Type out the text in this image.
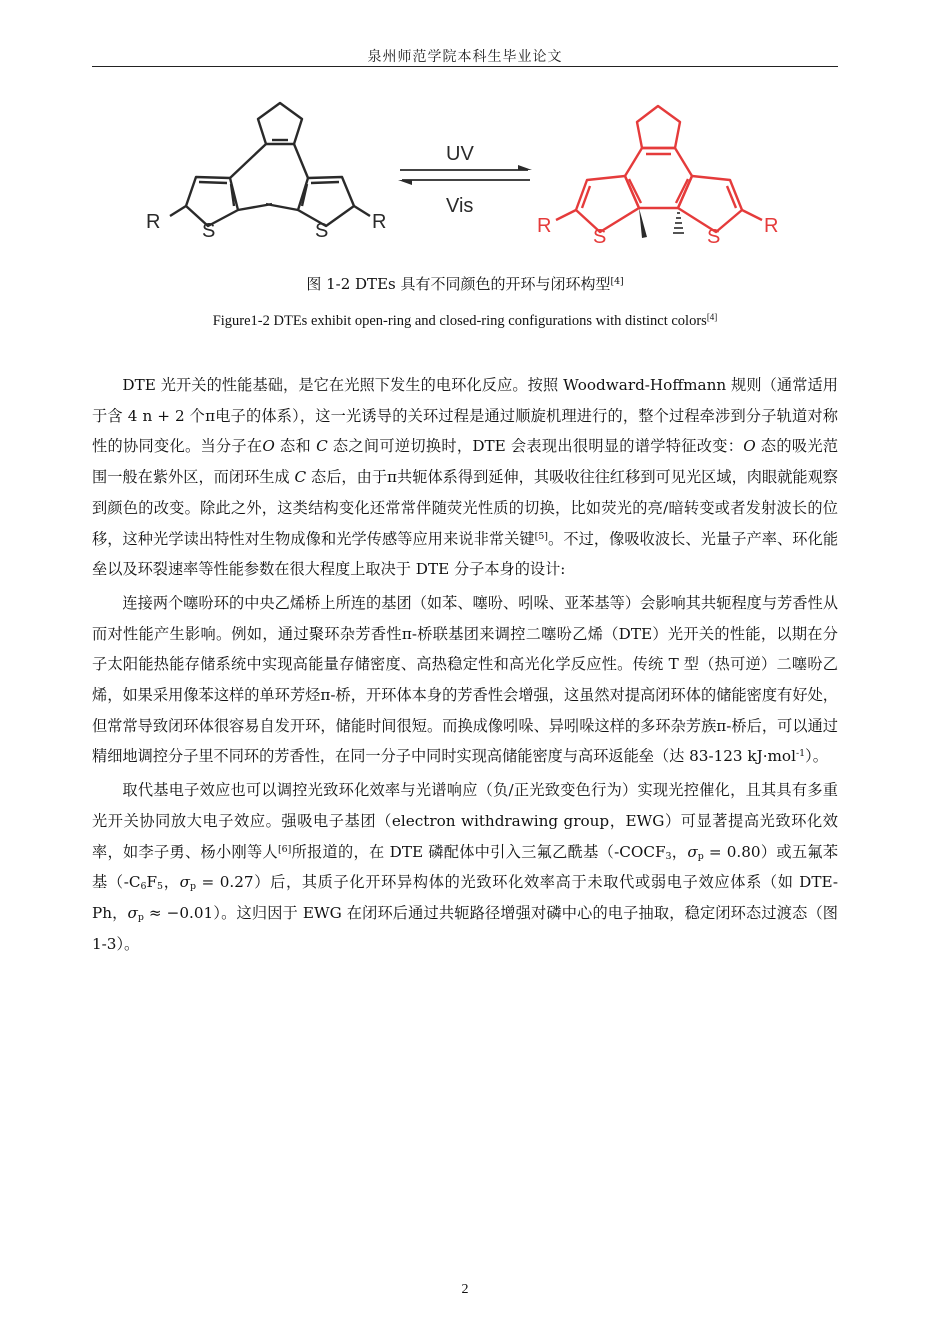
泉州师范学院本科生毕业论文
R S	S R
UV
Vis
R S	S R
图 1-2 DTEs 具有不同颜色的开环与闭环构型[4]
Figure1-2 DTEs exhibit open-ring and closed-ring configurations with distinct colors[4]

DTE 光开关的性能基础，是它在光照下发生的电环化反应。按照 Woodward-Hoffmann 规则（通常适用于含 4 n + 2 个π电子的体系），这一光诱导的关环过程是通过顺旋机理进行的，整个过程牵涉到分子轨道对称性的协同变化。当分子在O 态和 C 态之间可逆切换时，DTE 会表现出很明显的谱学特征改变：O 态的吸光范围一般在紫外区，而闭环生成 C 态后，由于π共轭体系得到延伸，其吸收往往红移到可见光区域，肉眼就能观察到颜色的改变。除此之外，这类结构变化还常常伴随荧光性质的切换，比如荧光的亮/暗转变或者发射波长的位移，这种光学读出特性对生物成像和光学传感等应用来说非常关键[5]。不过，像吸收波长、光量子产率、环化能垒以及环裂速率等性能参数在很大程度上取决于 DTE 分子本身的设计:

连接两个噻吩环的中央乙烯桥上所连的基团（如苯、噻吩、吲哚、亚苯基等）会影响其共轭程度与芳香性从而对性能产生影响。例如，通过聚环杂芳香性π-桥联基团来调控二噻吩乙烯（DTE）光开关的性能，以期在分子太阳能热能存储系统中实现高能量存储密度、高热稳定性和高光化学反应性。传统 T 型（热可逆）二噻吩乙烯，如果采用像苯这样的单环芳烃π-桥，开环体本身的芳香性会增强，这虽然对提高闭环体的储能密度有好处，但常常导致闭环体很容易自发开环，储能时间很短。而换成像吲哚、异吲哚这样的多环杂芳族π-桥后，可以通过精细地调控分子里不同环的芳香性，在同一分子中同时实现高储能密度与高环返能垒（达 83-123 kJ·mol$^{-1}$）。

取代基电子效应也可以调控光致环化效率与光谱响应（负/正光致变色行为）实现光控催化，且其具有多重光开关协同放大电子效应。强吸电子基团（electron withdrawing group，EWG）可显著提高光致环化效率，如李子勇、杨小刚等人[6]所报道的，在 DTE 磷配体中引入三氟乙酰基（$-COCF_3$，$\sigma_p = 0.80$）或五氟苯基（$-C_6F_5$，$\sigma_p = 0.27$）后，其质子化开环异构体的光致环化效率高于未取代或弱电子效应体系（如 DTE-Ph，$\sigma_p \approx -0.01$）。这归因于 EWG 在闭环后通过共轭路径增强对磷中心的电子抽取，稳定闭环态过渡态（图 1-3）。

2
